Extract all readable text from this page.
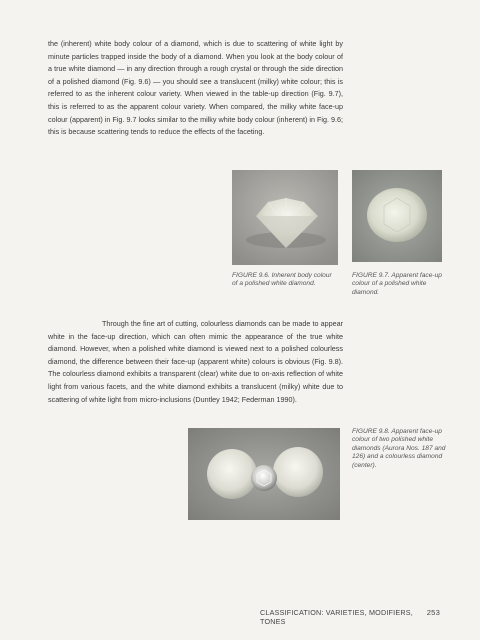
the (inherent) white body colour of a diamond, which is due to scattering of white light by minute particles trapped inside the body of a diamond. When you look at the body colour of a true white diamond — in any direction through a rough crystal or through the side direction of a polished diamond (Fig. 9.6) — you should see a translucent (milky) white colour; this is referred to as the inherent colour variety. When viewed in the table-up direction (Fig. 9.7), this is referred to as the apparent colour variety. When compared, the milky white face-up colour (apparent) in Fig. 9.7 looks similar to the milky white body colour (inherent) in Fig. 9.6; this is because scattering tends to reduce the effects of the faceting.

FIGURE 9.6. Inherent body colour of a polished white diamond.

FIGURE 9.7. Apparent face-up colour of a polished white diamond.

Through the fine art of cutting, colourless diamonds can be made to appear white in the face-up direction, which can often mimic the appearance of the true white diamond. However, when a polished white diamond is viewed next to a polished colourless diamond, the difference between their face-up (apparent white) colours is obvious (Fig. 9.8). The colourless diamond exhibits a transparent (clear) white due to on-axis reflection of white light from various facets, and the white diamond exhibits a translucent (milky) white due to scattering of white light from micro-inclusions (Duntley 1942; Federman 1990).

FIGURE 9.8. Apparent face-up colour of two polished white diamonds (Aurora Nos. 187 and 126) and a colourless diamond (center).

CLASSIFICATION: VARIETIES, MODIFIERS, TONES
253
